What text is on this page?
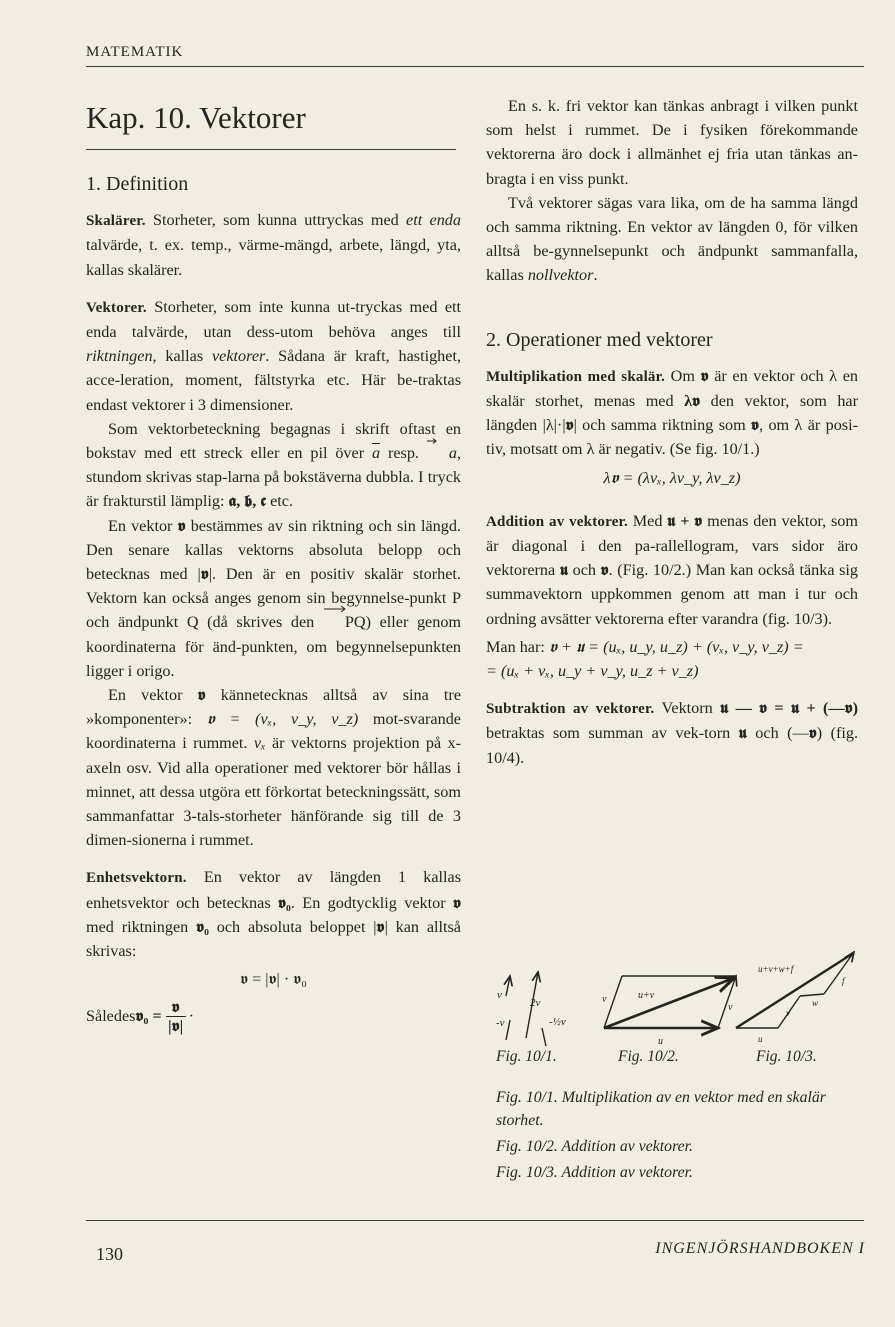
MATEMATIK
Kap. 10. Vektorer
1. Definition

Skalärer. Storheter, som kunna uttryckas med ett enda talvärde, t. ex. temp., värme-mängd, arbete, längd, yta, kallas skalärer.

Vektorer. Storheter, som inte kunna ut-tryckas med ett enda talvärde, utan dess-utom behöva anges till riktningen, kallas vektorer. Sådana är kraft, hastighet, acce-leration, moment, fältstyrka etc. Här be-traktas endast vektorer i 3 dimensioner.

Som vektorbeteckning begagnas i skrift oftast en bokstav med ett streck eller en pil över $\overline{a}$ resp. a
, stundom skrivas stap-larna på bokstäverna dubbla. I tryck är frakturstil lämplig: 𝖆, 𝖇, 𝖈 etc.

En vektor 𝖛 bestämmes av sin riktning och sin längd. Den senare kallas vektorns absoluta belopp och betecknas med |𝖛|. Den är en positiv skalär storhet. Vektorn kan också anges genom sin begynnelse-punkt P och ändpunkt Q (då skrives den PQ
) eller genom koordinaterna för änd-punkten, om begynnelsepunkten ligger i origo.

En vektor 𝖛 kännetecknas alltså av sina tre »komponenter»: 𝖛 = (vₓ, v_y, v_z) mot-svarande koordinaterna i rummet. vₓ är vektorns projektion på x-axeln osv. Vid alla operationer med vektorer bör hållas i minnet, att dessa utgöra ett förkortat beteckningssätt, som sammanfattar 3-tals-storheter hänförande sig till de 3 dimen-sionerna i rummet.

Enhetsvektorn. En vektor av längden 1 kallas enhetsvektor och betecknas 𝖛₀. En godtycklig vektor 𝖛 med riktningen 𝖛₀ och absoluta beloppet |𝖛| kan alltså skrivas:

𝖛 = |𝖛| · 𝖛₀
Således 𝖛₀ =
𝖛
|𝖛|
·

En s. k. fri vektor kan tänkas anbragt i vilken punkt som helst i rummet. De i fysiken förekommande vektorerna äro dock i allmänhet ej fria utan tänkas an-bragta i en viss punkt.

Två vektorer sägas vara lika, om de ha samma längd och samma riktning. En vektor av längden 0, för vilken alltså be-gynnelsepunkt och ändpunkt sammanfalla, kallas nollvektor.

2. Operationer med vektorer

Multiplikation med skalär. Om 𝖛 är en vektor och λ en skalär storhet, menas med λ𝖛 den vektor, som har längden |λ|·|𝖛| och samma riktning som 𝖛, om λ är posi-tiv, motsatt om λ är negativ. (Se fig. 10/1.)

λ𝖛 = (λvₓ, λv_y, λv_z)

Addition av vektorer. Med 𝖚 + 𝖛 menas den vektor, som är diagonal i den pa-rallellogram, vars sidor äro vektorerna 𝖚 och 𝖛. (Fig. 10/2.) Man kan också tänka sig summavektorn uppkommen genom att man i tur och ordning avsätter vektorerna efter varandra (fig. 10/3).

Man har: 𝖛 + 𝖚 = (uₓ, u_y, u_z) + (vₓ, v_y, v_z) =

= (uₓ + vₓ, u_y + v_y, u_z + v_z)

Subtraktion av vektorer. Vektorn 𝖚 — 𝖛 = 𝖚 + (—𝖛) betraktas som summan av vek-torn 𝖚 och (—𝖛) (fig. 10/4).

v
2v
-v	-½v
v	u+v
v
u
u+v+w+f
f
w
v
u
Fig. 10/1.	Fig. 10/2.	Fig. 10/3.

Fig. 10/1. Multiplikation av en vektor med en skalär storhet.

Fig. 10/2. Addition av vektorer.

Fig. 10/3. Addition av vektorer.

130	INGENJÖRSHANDBOKEN I
